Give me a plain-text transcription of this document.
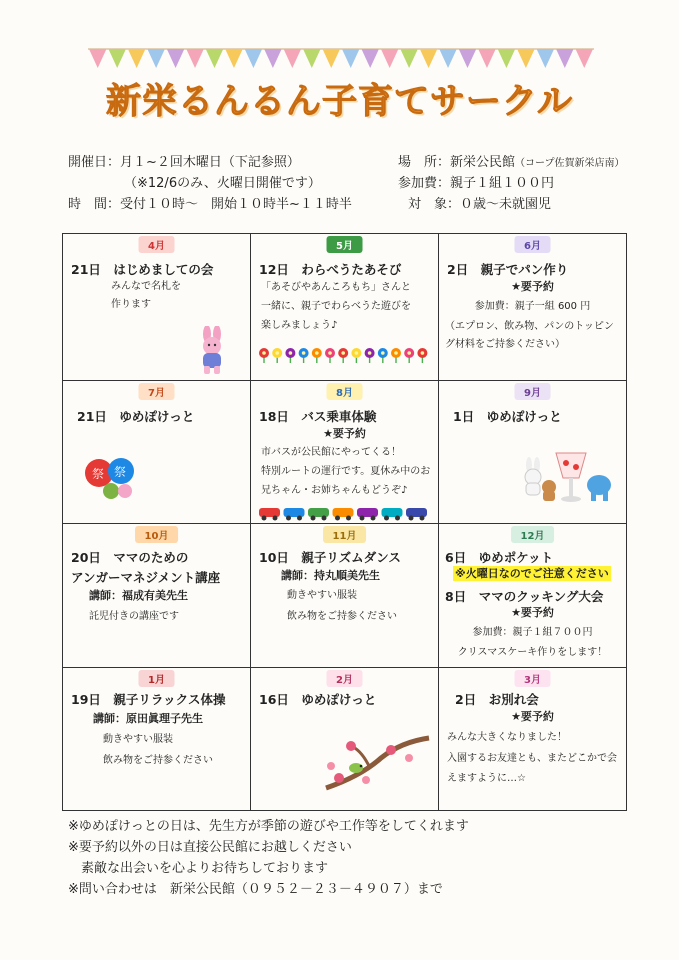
新栄るんるん子育てサークル
開催日：月１~２回木曜日（下記参照）
（※12/6のみ、火曜日開催です）
時　間：受付１０時～　開始１０時半~１１時半
場　所：新栄公民館（コープ佐賀新栄店南）
参加費：親子１組１００円
対　象：０歳～未就園児
4月
21日　はじめましての会
みんなで名札を
作ります
5月
12日　わらべうたあそび
「あそびやあんころもち」さんと
一緒に、親子でわらべうた遊びを
楽しみましょう♪
6月
2日　親子でパン作り
★要予約
参加費：親子一組 600 円
（エプロン、飲み物、パンのトッピン
グ材料をご持参ください）
7月
21日　ゆめぽけっと
祭 祭
8月
18日　バス乗車体験
★要予約
市バスが公民館にやってくる！
特別ルートの運行です。夏休み中のお
兄ちゃん・お姉ちゃんもどうぞ♪
9月
1日　ゆめぽけっと
10月
20日　ママのための
アンガーマネジメント講座
講師：福成有美先生
託児付きの講座です
11月
10日　親子リズムダンス
講師：持丸順美先生
動きやすい服装
飲み物をご持参ください
12月
6日　ゆめポケット
※火曜日なのでご注意ください
8日　ママのクッキング大会
★要予約
参加費：親子１組７００円
クリスマスケーキ作りをします！
1月
19日　親子リラックス体操
講師：原田眞理子先生
動きやすい服装
飲み物をご持参ください
2月
16日　ゆめぽけっと
3月
2日　お別れ会
★要予約
みんな大きくなりました！
入園するお友達とも、またどこかで会
えますように…☆
※ゆめぽけっとの日は、先生方が季節の遊びや工作等をしてくれます
※要予約以外の日は直接公民館にお越しください
　素敵な出会いを心よりお待ちしております
※問い合わせは　新栄公民館（０９５２－２３－４９０７）まで
